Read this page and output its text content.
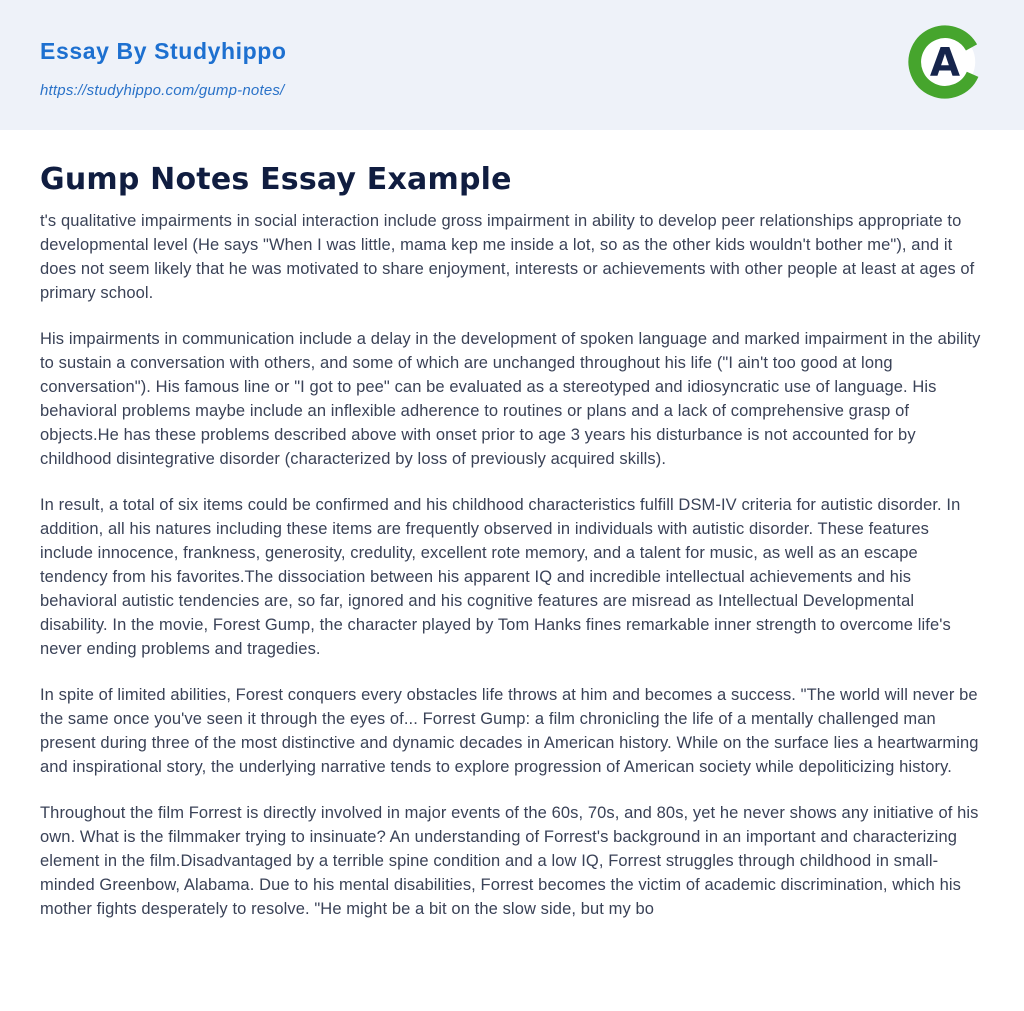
Essay By Studyhippo
https://studyhippo.com/gump-notes/
A
Gump Notes Essay Example

t's qualitative impairments in social interaction include gross impairment in ability to develop peer relationships appropriate to developmental level (He says "When I was little, mama kep me inside a lot, so as the other kids wouldn't bother me"), and it does not seem likely that he was motivated to share enjoyment, interests or achievements with other people at least at ages of primary school.

His impairments in communication include a delay in the development of spoken language and marked impairment in the ability to sustain a conversation with others, and some of which are unchanged throughout his life ("I ain't too good at long conversation"). His famous line or "I got to pee" can be evaluated as a stereotyped and idiosyncratic use of language. His behavioral problems maybe include an inflexible adherence to routines or plans and a lack of comprehensive grasp of objects.He has these problems described above with onset prior to age 3 years his disturbance is not accounted for by childhood disintegrative disorder (characterized by loss of previously acquired skills).

In result, a total of six items could be confirmed and his childhood characteristics fulfill DSM-IV criteria for autistic disorder. In addition, all his natures including these items are frequently observed in individuals with autistic disorder. These features include innocence, frankness, generosity, credulity, excellent rote memory, and a talent for music, as well as an escape tendency from his favorites.The dissociation between his apparent IQ and incredible intellectual achievements and his behavioral autistic tendencies are, so far, ignored and his cognitive features are misread as Intellectual Developmental disability. In the movie, Forest Gump, the character played by Tom Hanks fines remarkable inner strength to overcome life's never ending problems and tragedies.

In spite of limited abilities, Forest conquers every obstacles life throws at him and becomes a success. "The world will never be the same once you've seen it through the eyes of... Forrest Gump: a film chronicling the life of a mentally challenged man present during three of the most distinctive and dynamic decades in American history. While on the surface lies a heartwarming and inspirational story, the underlying narrative tends to explore progression of American society while depoliticizing history.

Throughout the film Forrest is directly involved in major events of the 60s, 70s, and 80s, yet he never shows any initiative of his own. What is the filmmaker trying to insinuate? An understanding of Forrest's background in an important and characterizing element in the film.Disadvantaged by a terrible spine condition and a low IQ, Forrest struggles through childhood in small-minded Greenbow, Alabama. Due to his mental disabilities, Forrest becomes the victim of academic discrimination, which his mother fights desperately to resolve. "He might be a bit on the slow side, but my bo
